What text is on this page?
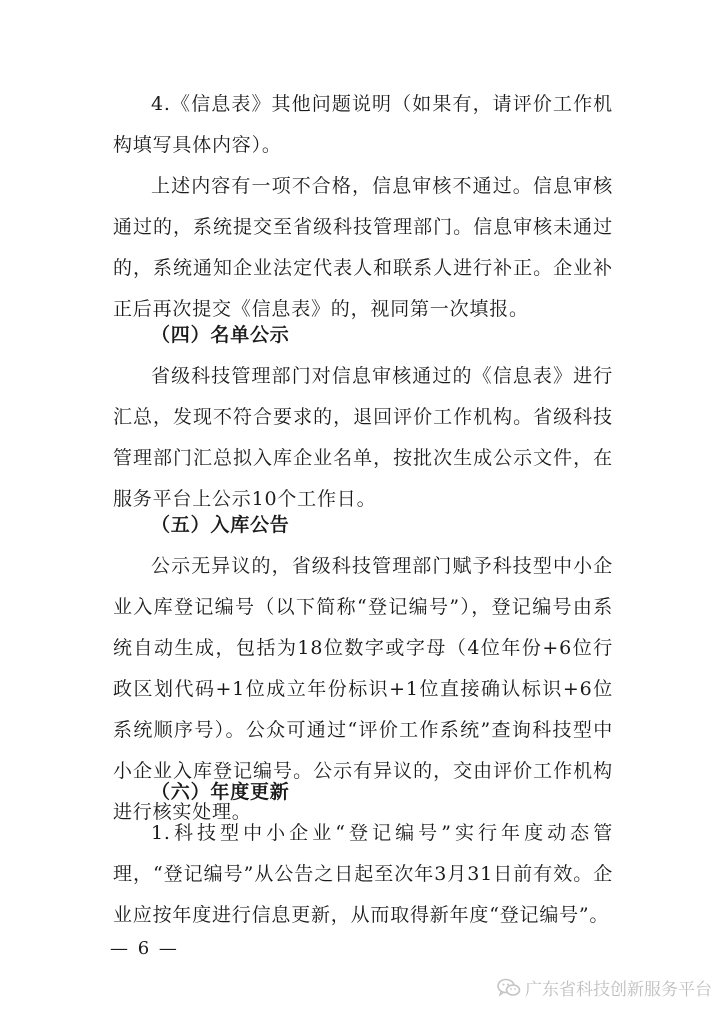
4.《信息表》其他问题说明（如果有，请评价工作机构填写具体内容）。

上述内容有一项不合格，信息审核不通过。信息审核通过的，系统提交至省级科技管理部门。信息审核未通过的，系统通知企业法定代表人和联系人进行补正。企业补正后再次提交《信息表》的，视同第一次填报。

（四）名单公示

省级科技管理部门对信息审核通过的《信息表》进行汇总，发现不符合要求的，退回评价工作机构。省级科技管理部门汇总拟入库企业名单，按批次生成公示文件，在服务平台上公示10个工作日。

（五）入库公告

公示无异议的，省级科技管理部门赋予科技型中小企业入库登记编号（以下简称“登记编号”），登记编号由系统自动生成，包括为18位数字或字母（4位年份+6位行政区划代码+1位成立年份标识+1位直接确认标识+6位系统顺序号）。公众可通过“评价工作系统”查询科技型中小企业入库登记编号。公示有异议的，交由评价工作机构进行核实处理。

（六）年度更新

1.科技型中小企业“登记编号”实行年度动态管理，“登记编号”从公告之日起至次年3月31日前有效。企业应按年度进行信息更新，从而取得新年度“登记编号”。

— 6 —
广东省科技创新服务平台
